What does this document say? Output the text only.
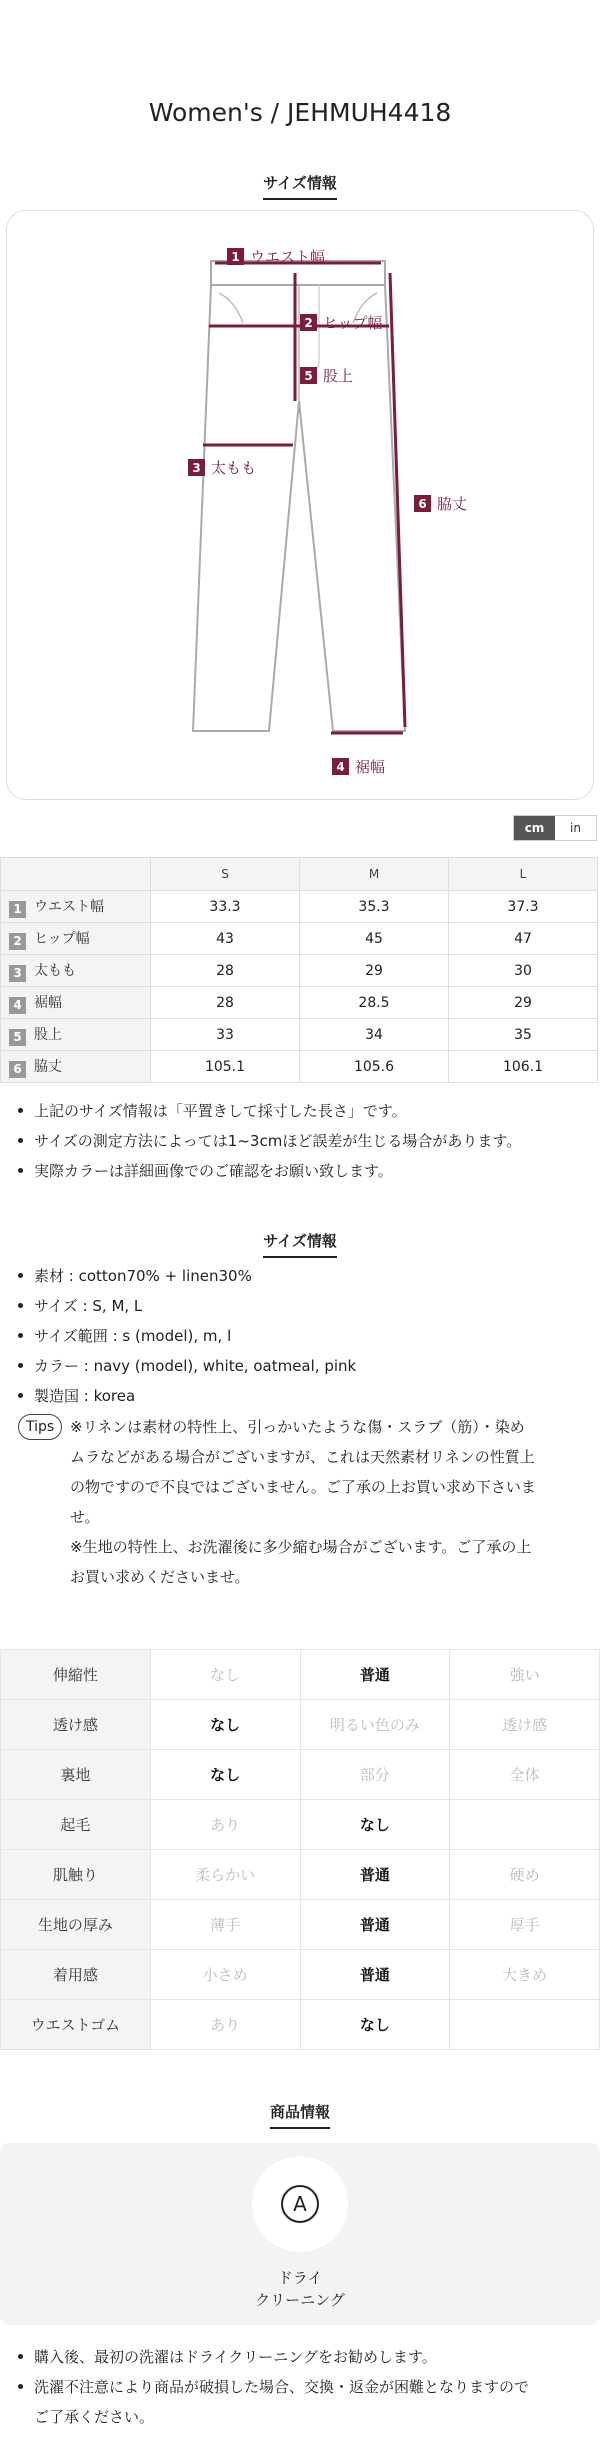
Women's / JEHMUH4418
サイズ情報
1 ウエスト幅
2 ヒップ幅
3 太もも
4 裾幅
5 股上
6 脇丈
cm	in
	S	M	L
1 ウエスト幅	33.3	35.3	37.3
2 ヒップ幅	43	45	47
3 太もも	28	29	30
4 裾幅	28	28.5	29
5 股上	33	34	35
6 脇丈	105.1	105.6	106.1
上記のサイズ情報は「平置きして採寸した長さ」です。
サイズの測定方法によっては1~3cmほど誤差が生じる場合があります。
実際カラーは詳細画像でのご確認をお願い致します。
サイズ情報
素材 : cotton70% + linen30%
サイズ : S, M, L
サイズ範囲 : s (model), m, l
カラー : navy (model), white, oatmeal, pink
製造国 : korea
Tips	※リネンは素材の特性上、引っかいたような傷・スラブ（筋）・染め
ムラなどがある場合がございますが、これは天然素材リネンの性質上
の物ですので不良ではございません。ご了承の上お買い求め下さいま
せ。
※生地の特性上、お洗濯後に多少縮む場合がございます。ご了承の上
お買い求めくださいませ。
伸縮性	なし	普通	強い
透け感	なし	明るい色のみ	透け感
裏地	なし	部分	全体
起毛	あり	なし	
肌触り	柔らかい	普通	硬め
生地の厚み	薄手	普通	厚手
着用感	小さめ	普通	大きめ
ウエストゴム	あり	なし	
商品情報
A
ドライ
クリーニング
購入後、最初の洗濯はドライクリーニングをお勧めします。
洗濯不注意により商品が破損した場合、交換・返金が困難となりますので
ご了承ください。
